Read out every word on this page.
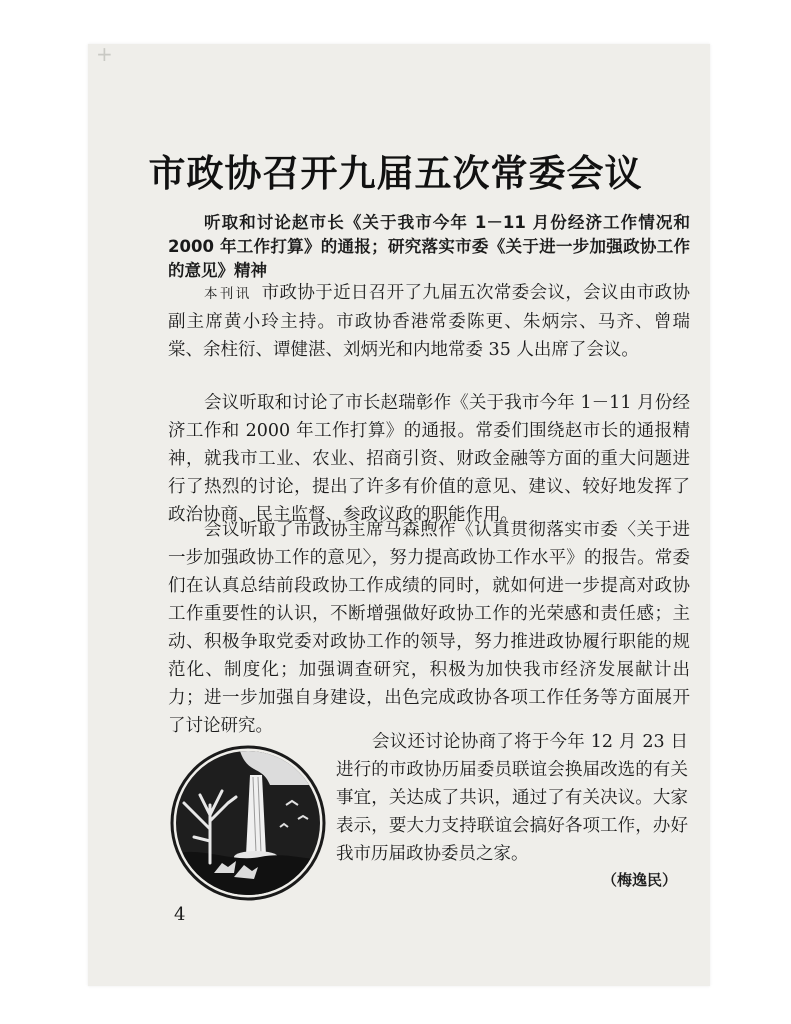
+
市政协召开九届五次常委会议

听取和讨论赵市长《关于我市今年 1－11 月份经济工作情况和 2000 年工作打算》的通报；研究落实市委《关于进一步加强政协工作的意见》精神

本刊讯 市政协于近日召开了九届五次常委会议，会议由市政协副主席黄小玲主持。市政协香港常委陈更、朱炳宗、马齐、曾瑞棠、余柱衍、谭健湛、刘炳光和内地常委 35 人出席了会议。

会议听取和讨论了市长赵瑞彰作《关于我市今年 1－11 月份经济工作和 2000 年工作打算》的通报。常委们围绕赵市长的通报精神，就我市工业、农业、招商引资、财政金融等方面的重大问题进行了热烈的讨论，提出了许多有价值的意见、建议、较好地发挥了政治协商、民主监督、参政议政的职能作用。

会议听取了市政协主席马森煦作《认真贯彻落实市委〈关于进一步加强政协工作的意见〉，努力提高政协工作水平》的报告。常委们在认真总结前段政协工作成绩的同时，就如何进一步提高对政协工作重要性的认识，不断增强做好政协工作的光荣感和责任感；主动、积极争取党委对政协工作的领导，努力推进政协履行职能的规范化、制度化；加强调查研究，积极为加快我市经济发展献计出力；进一步加强自身建设，出色完成政协各项工作任务等方面展开了讨论研究。

会议还讨论协商了将于今年 12 月 23 日进行的市政协历届委员联谊会换届改选的有关事宜，关达成了共识，通过了有关决议。大家表示，要大力支持联谊会搞好各项工作，办好我市历届政协委员之家。

（梅逸民）

4
